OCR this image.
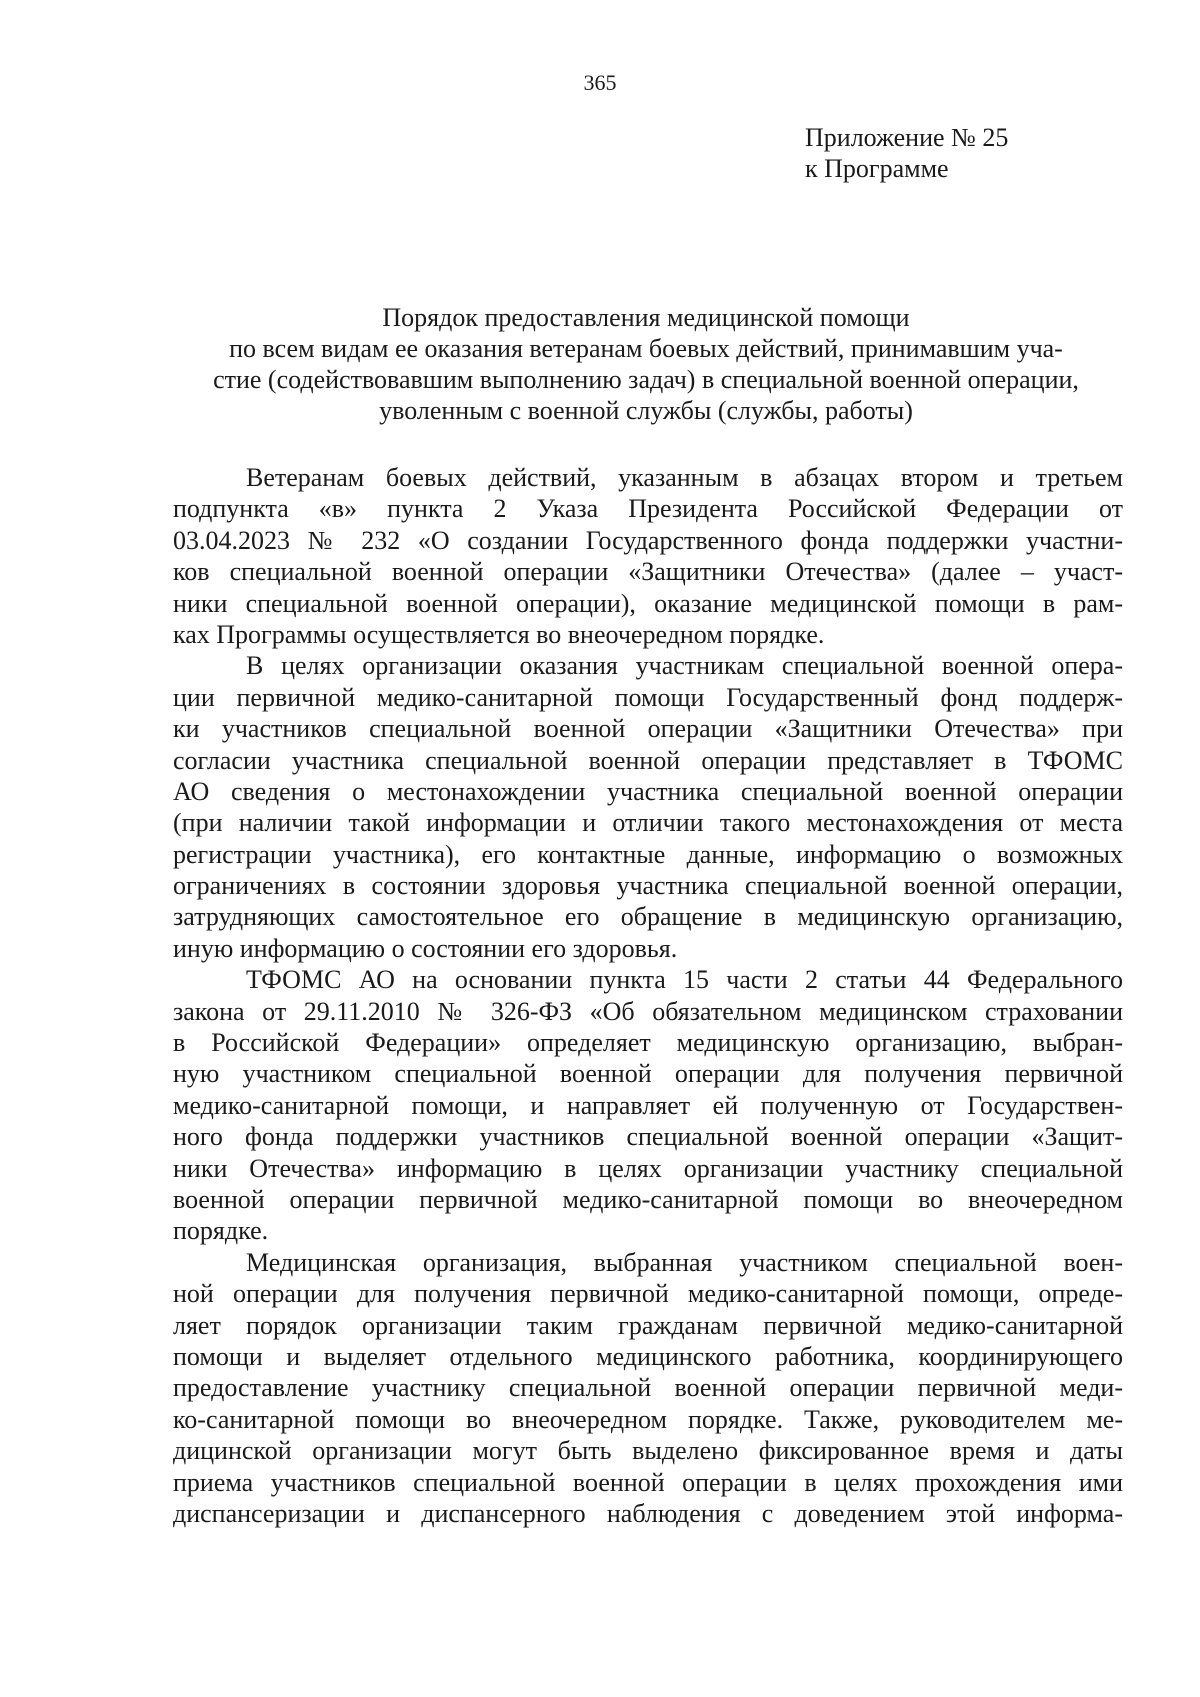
365
Приложение № 25
к Программе
Порядок предоставления медицинской помощи
по всем видам ее оказания ветеранам боевых действий, принимавшим уча-
стие (содействовавшим выполнению задач) в специальной военной операции,
уволенным с военной службы (службы, работы)
Ветеранам боевых действий, указанным в абзацах втором и третьем
подпункта «в» пункта 2 Указа Президента Российской Федерации от
03.04.2023 № 232 «О создании Государственного фонда поддержки участни-
ков специальной военной операции «Защитники Отечества» (далее – участ-
ники специальной военной операции), оказание медицинской помощи в рам-
ках Программы осуществляется во внеочередном порядке.
В целях организации оказания участникам специальной военной опера-
ции первичной медико-санитарной помощи Государственный фонд поддерж-
ки участников специальной военной операции «Защитники Отечества» при
согласии участника специальной военной операции представляет в ТФОМС
АО сведения о местонахождении участника специальной военной операции
(при наличии такой информации и отличии такого местонахождения от места
регистрации участника), его контактные данные, информацию о возможных
ограничениях в состоянии здоровья участника специальной военной операции,
затрудняющих самостоятельное его обращение в медицинскую организацию,
иную информацию о состоянии его здоровья.
ТФОМС АО на основании пункта 15 части 2 статьи 44 Федерального
закона от 29.11.2010 № 326-ФЗ «Об обязательном медицинском страховании
в Российской Федерации» определяет медицинскую организацию, выбран-
ную участником специальной военной операции для получения первичной
медико-санитарной помощи, и направляет ей полученную от Государствен-
ного фонда поддержки участников специальной военной операции «Защит-
ники Отечества» информацию в целях организации участнику специальной
военной операции первичной медико-санитарной помощи во внеочередном
порядке.
Медицинская организация, выбранная участником специальной воен-
ной операции для получения первичной медико-санитарной помощи, опреде-
ляет порядок организации таким гражданам первичной медико-санитарной
помощи и выделяет отдельного медицинского работника, координирующего
предоставление участнику специальной военной операции первичной меди-
ко-санитарной помощи во внеочередном порядке. Также, руководителем ме-
дицинской организации могут быть выделено фиксированное время и даты
приема участников специальной военной операции в целях прохождения ими
диспансеризации и диспансерного наблюдения с доведением этой информа-
